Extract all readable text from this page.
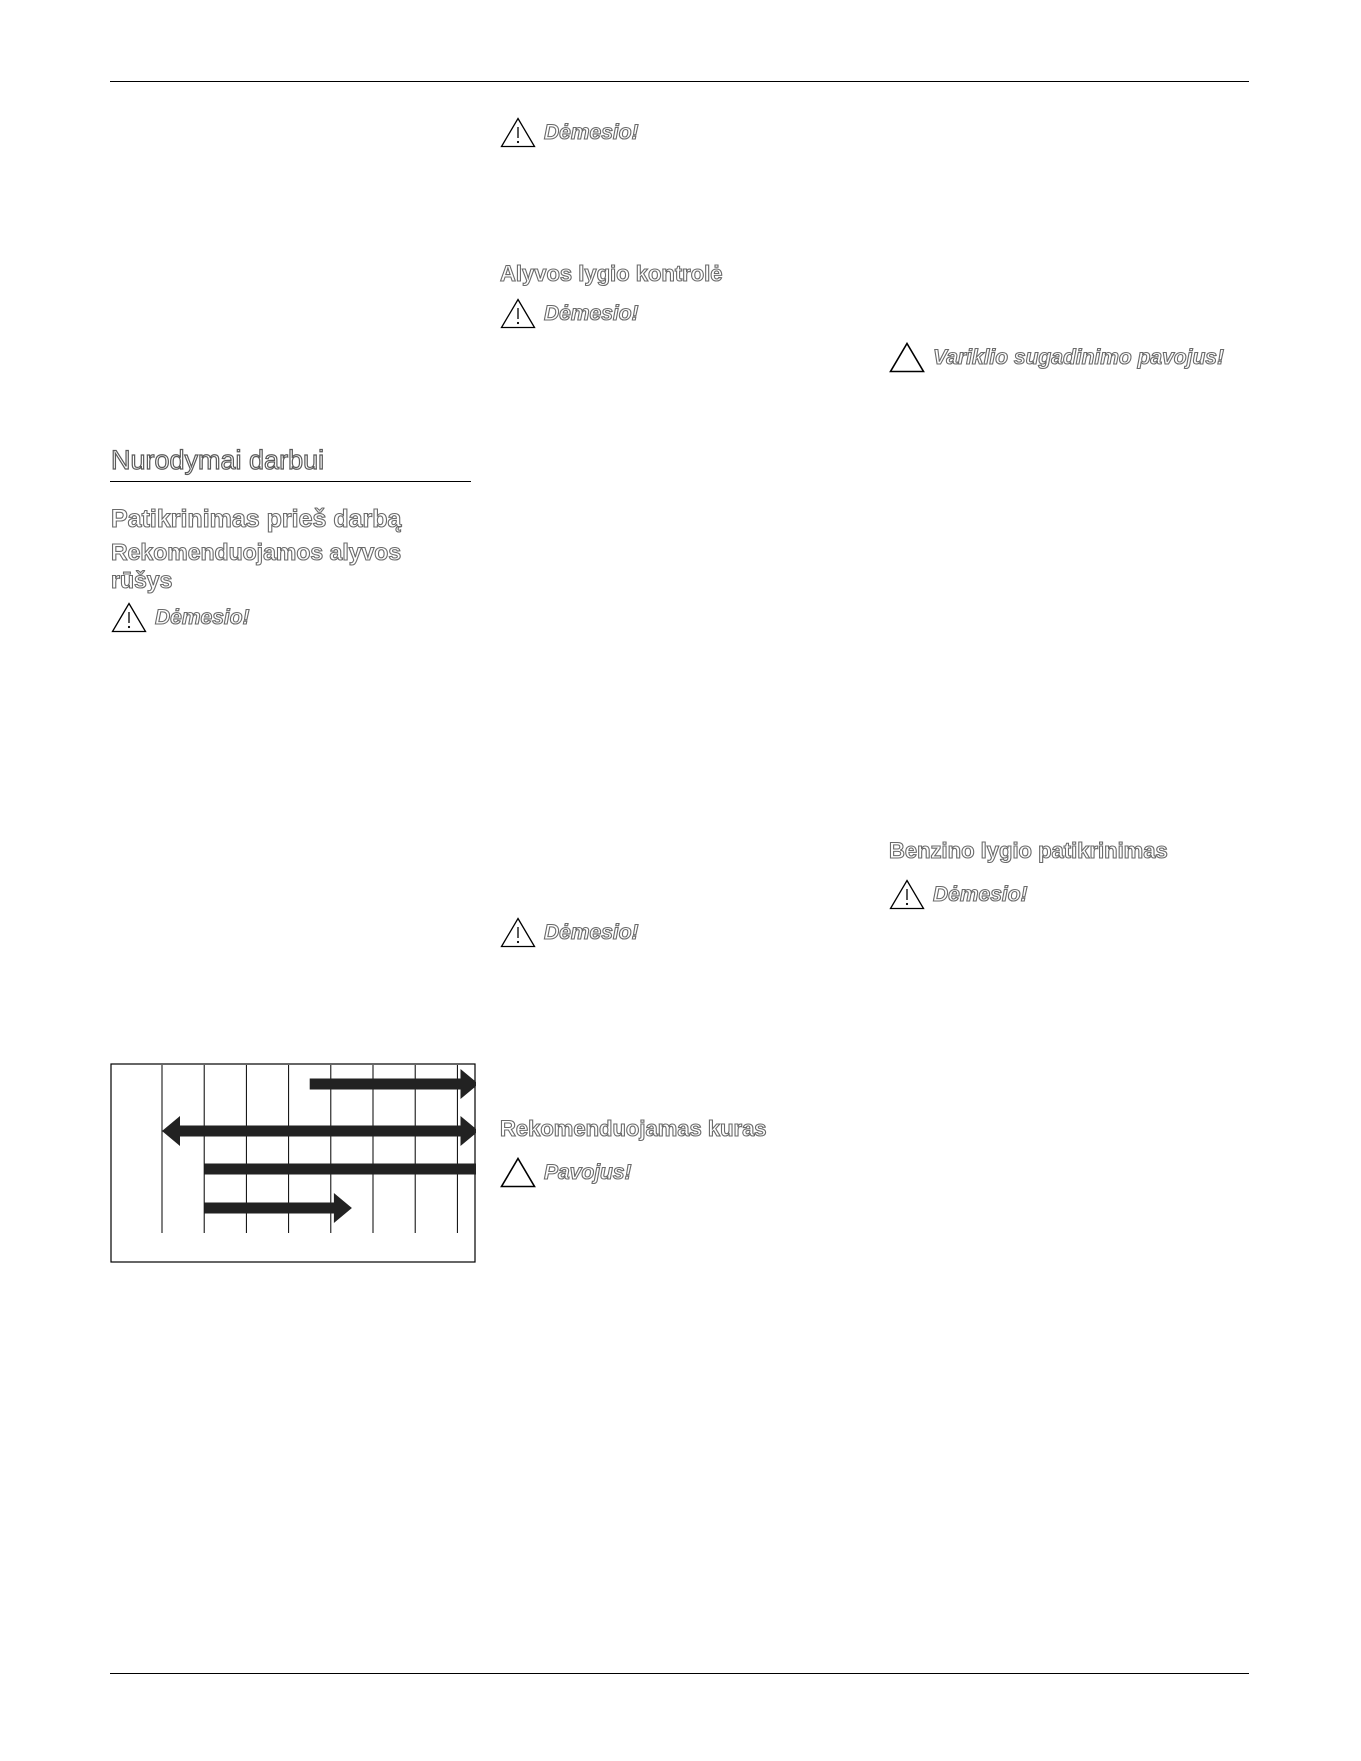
Nurodymai darbui
Patikrinimas prieš darbą
Rekomenduojamos alyvos
rūšys
Dėmesio!
Dėmesio!
Alyvos lygio kontrolė
Dėmesio!
Dėmesio!
Rekomenduojamas kuras
Pavojus!
Variklio sugadinimo pavojus!
Benzino lygio patikrinimas
Dėmesio!
